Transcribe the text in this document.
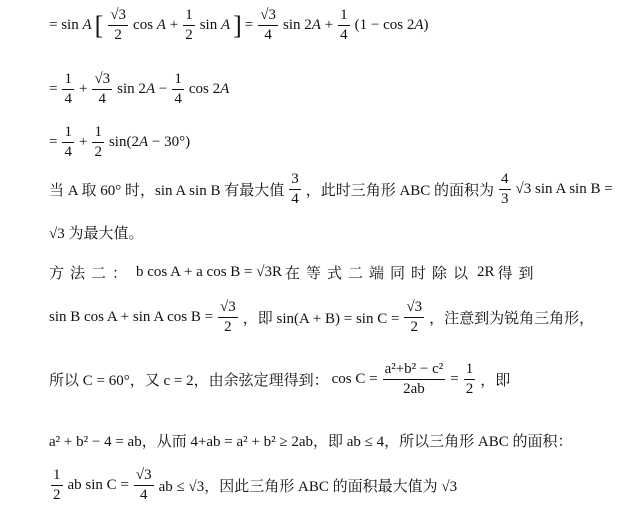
= sin A [ $\frac{√3}{2}$ $\cos A + \frac{1}{2}$ sin A ] = $\frac{√3}{4}$ $\sin 2A + \frac{1}{4} (1 - \cos 2A)$
= $\frac{1}{4} + \frac{√3}{4}$ $\sin 2A - \frac{1}{4}$ cos 2A
= $\frac{1}{4} + \frac{1}{2} \sin(2A - 30^\circ)$
当 A 取 60° 时，sin A sin B 有最大值 $\frac{3}{4}$ ，此时三角形 ABC 的面积为 $\frac{4}{3} √3$ sin A sin B =
√3 为最大值。
方法二： b cos A + a cos B = √3R 在等式二端同时除以 2R 得到
sin B cos A + sin A $\cos B = \frac{√3}{2}$ ，即 $\sin(A + B) = \sin C = \frac{√3}{2}$ ，注意到为锐角三角形，
所以 C = 60°，又 c = 2，由余弦定理得到： $\cos C = \frac{\text{a²+b² − c²}}{2ab} = \frac{1}{2}$ ，即
a² + b² − 4 = ab，从而 4+ab = a² + b² ≥ 2ab，即 ab ≤ 4，所以三角形 ABC 的面积：
$\frac{1}{2}$ ab $\sin C = \frac{√3}{4}$ ab ≤ √3，因此三角形 ABC 的面积最大值为 √3
